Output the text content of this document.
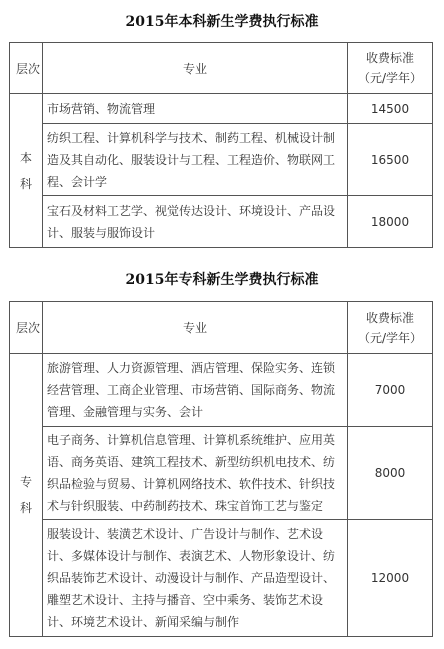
2015年本科新生学费执行标准
层次	专业	收费标准
（元/学年）

本
科	市场营销、物流管理	14500
	纺织工程、计算机科学与技术、制药工程、机械设计制造及其自动化、服装设计与工程、工程造价、物联网工程、会计学	16500
	宝石及材料工艺学、视觉传达设计、环境设计、产品设计、服装与服饰设计	18000
2015年专科新生学费执行标准
层次	专业	收费标准
（元/学年）

专
科	旅游管理、人力资源管理、酒店管理、保险实务、连锁经营管理、工商企业管理、市场营销、国际商务、物流管理、金融管理与实务、会计	7000
	电子商务、计算机信息管理、计算机系统维护、应用英语、商务英语、建筑工程技术、新型纺织机电技术、纺织品检验与贸易、计算机网络技术、软件技术、针织技术与针织服装、中药制药技术、珠宝首饰工艺与鉴定	8000
	服装设计、装潢艺术设计、广告设计与制作、艺术设计、多媒体设计与制作、表演艺术、人物形象设计、纺织品装饰艺术设计、动漫设计与制作、产品造型设计、雕塑艺术设计、主持与播音、空中乘务、装饰艺术设计、环境艺术设计、新闻采编与制作	12000
